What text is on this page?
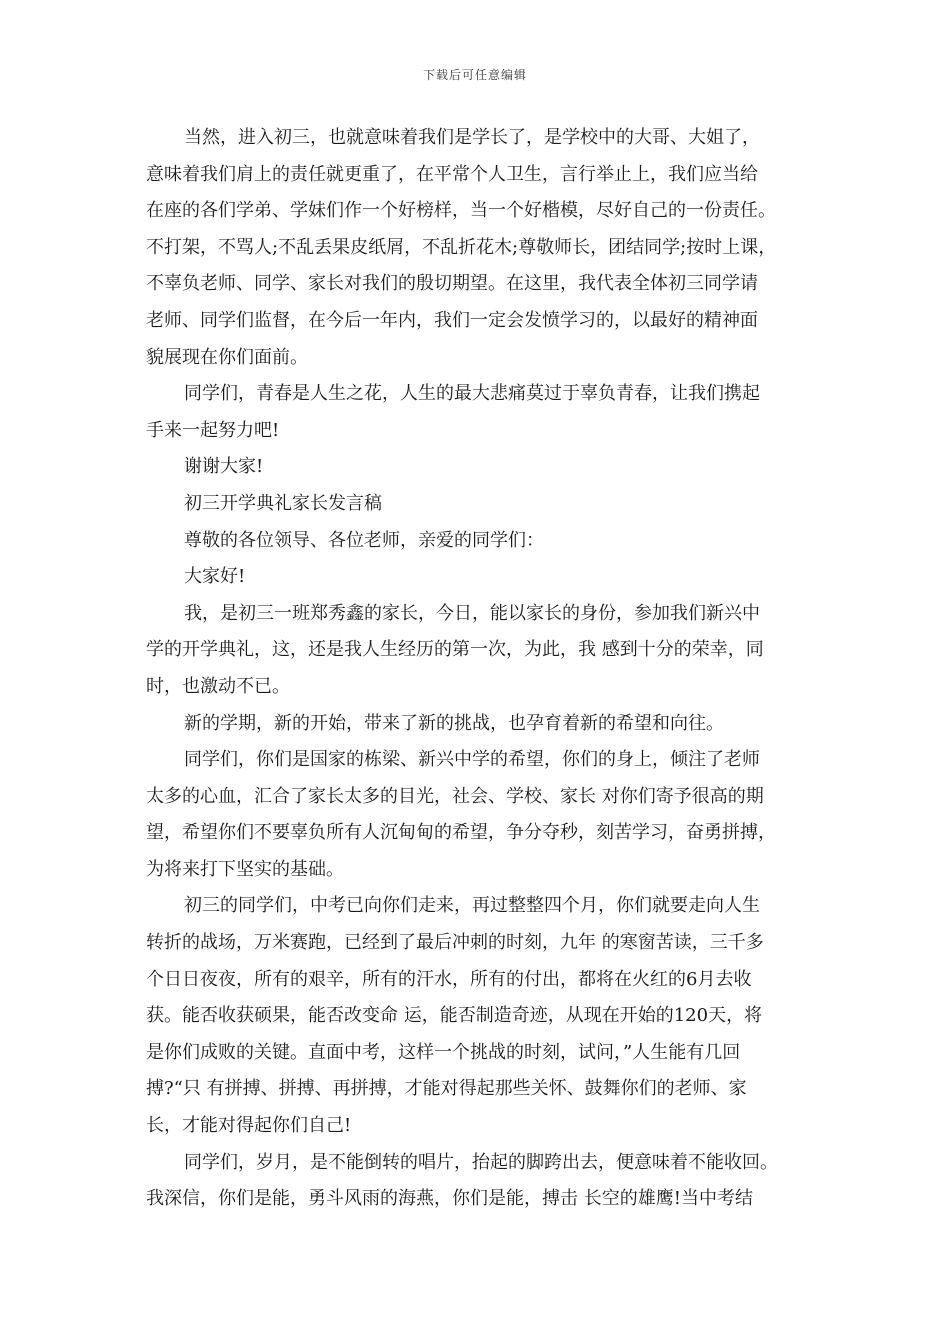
下载后可任意编辑
当然，进入初三，也就意味着我们是学长了，是学校中的大哥、大姐了，
意味着我们肩上的责任就更重了，在平常个人卫生，言行举止上，我们应当给
在座的各们学弟、学妹们作一个好榜样，当一个好楷模，尽好自己的一份责任。
不打架，不骂人;不乱丢果皮纸屑，不乱折花木;尊敬师长，团结同学;按时上课，
不辜负老师、同学、家长对我们的殷切期望。在这里，我代表全体初三同学请
老师、同学们监督，在今后一年内，我们一定会发愤学习的，以最好的精神面
貌展现在你们面前。
同学们，青春是人生之花，人生的最大悲痛莫过于辜负青春，让我们携起
手来一起努力吧!
谢谢大家!
初三开学典礼家长发言稿
尊敬的各位领导、各位老师，亲爱的同学们：
大家好!
我，是初三一班郑秀鑫的家长，今日，能以家长的身份，参加我们新兴中
学的开学典礼，这，还是我人生经历的第一次，为此，我 感到十分的荣幸，同
时，也激动不已。
新的学期，新的开始，带来了新的挑战，也孕育着新的希望和向往。
同学们，你们是国家的栋梁、新兴中学的希望，你们的身上，倾注了老师
太多的心血，汇合了家长太多的目光，社会、学校、家长 对你们寄予很高的期
望，希望你们不要辜负所有人沉甸甸的希望，争分夺秒，刻苦学习，奋勇拼搏，
为将来打下坚实的基础。
初三的同学们，中考已向你们走来，再过整整四个月，你们就要走向人生
转折的战场，万米赛跑，已经到了最后冲刺的时刻，九年 的寒窗苦读，三千多
个日日夜夜，所有的艰辛，所有的汗水，所有的付出，都将在火红的6月去收
获。能否收获硕果，能否改变命 运，能否制造奇迹，从现在开始的120天，将
是你们成败的关键。直面中考，这样一个挑战的时刻，试问，”人生能有几回
搏?“只 有拼搏、拼搏、再拼搏，才能对得起那些关怀、鼓舞你们的老师、家
长，才能对得起你们自己!
同学们，岁月，是不能倒转的唱片，抬起的脚跨出去，便意味着不能收回。
我深信，你们是能，勇斗风雨的海燕，你们是能，搏击 长空的雄鹰!当中考结
